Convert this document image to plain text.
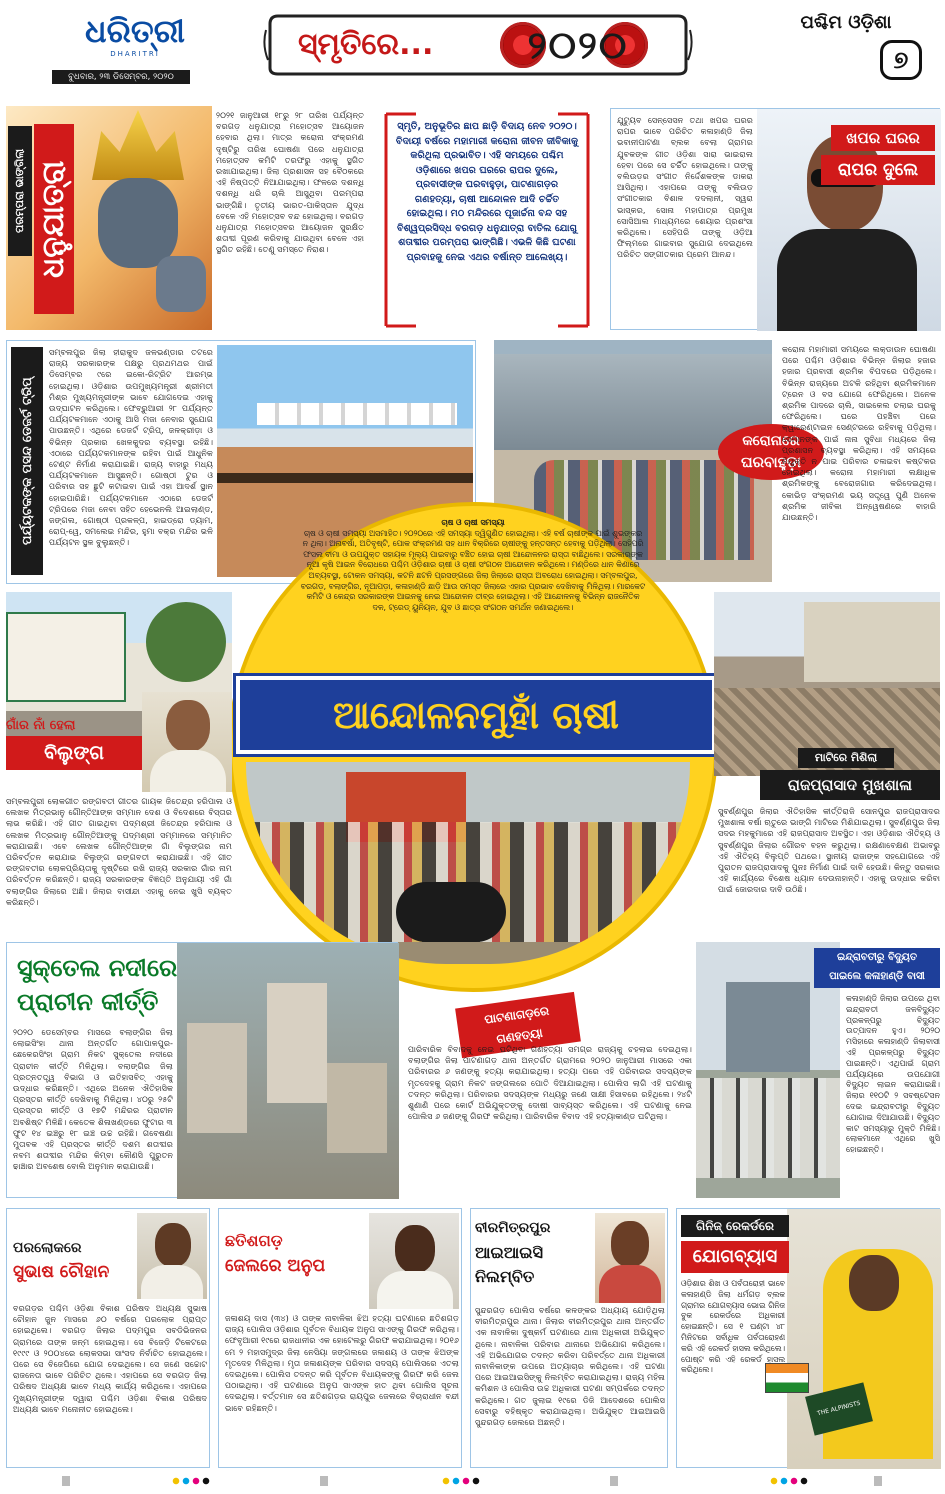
ଧରିତ୍ରୀ
DHARITRI
ବୁଧବାର, ୨୩ ଡିସେମ୍ବର, ୨୦୨୦
ସ୍ମୃତିରେ...	୨୦୨୦
ପଶ୍ଚିମ ଓଡ଼ିଶା
୭
ପରମ୍ପରା ଭାଙ୍ଗିଲା ଧନୁଯାତ୍ରା
୨୦୨୧ ଜାନୁଆରୀ ୧୮ରୁ ୨୮ ତାରିଖ ପର୍ଯ୍ୟନ୍ତ ବରଗଡ଼ ଧନୁଯାତ୍ରା ମହୋତ୍ସବ ଆୟୋଜନ ହେବାର ଥିଲା। ମାତ୍ର କରୋନା ସଂକ୍ରମଣ ଦୃଷ୍ଟିରୁ ତାରିଖ ଘୋଷଣା ପରେ ଧନୁଯାତ୍ରା ମହୋତ୍ସବ କମିଟି ତରଫରୁ ଏହାକୁ ସ୍ଥଗିତ ରଖାଯାଇଥିଲା। ଜିଲା ପ୍ରଶାସନ ସହ ବୈଠକରେ ଏହି ନିଷ୍ପତ୍ତି ନିଆଯାଇଥିଲା। ଫଳରେ ଦଶନ୍ଧି ଦଶନ୍ଧି ଧରି ଚାଲି ଆସୁଥିବା ପରମ୍ପରା ଭାଙ୍ଗିଛି। ତୃତୀୟ ଭାରତ-ପାକିସ୍ତାନ ଯୁଦ୍ଧ ବେଳେ ଏହି ମହୋତ୍ସବ ବନ୍ଦ ହୋଇଥିଲା। ବରଗଡ଼ ଧନୁଯାତ୍ରା ମହୋତ୍ସବର ଆୟୋଜନ ସୁରକ୍ଷିତ ଶତାବ୍ଦୀ ପୂରଣ କରିବାକୁ ଯାଉଥିବା ବେଳେ ଏହା ସ୍ଥଗିତ ରହିଛି। ତେଣୁ ସମସ୍ତେ ନିରାଶ।
ସ୍ମୃତି, ଅନୁଭୂତିର ଛାପ ଛାଡ଼ି ବିଦାୟ ନେବ ୨୦୨୦। ବିଦାୟୀ ବର୍ଷରେ ମହାମାରୀ କରୋନା ଜୀବନ ଜୀବିକାକୁ କରିଥିଲା ପ୍ରଭାବିତ। ଏହି ସମୟରେ ପଶ୍ଚିମ ଓଡ଼ିଶାରେ ଖପର ଘରରେ ରାପର ଦୁଲେ, ପ୍ରବାସୀଙ୍କ ଘରବାହୁଡ଼ା, ପାଟଣାଗଡ଼ର ଗଣହତ୍ୟା, ଚାଷୀ ଆନ୍ଦୋଳନ ଆଦି ଚର୍ଚ୍ଚିତ ହୋଇଥିଲା। ମଠ ମନ୍ଦିରରେ ପୂଜାର୍ଚ୍ଚନା ବନ୍ଦ ସହ ବିଶ୍ୱପ୍ରସିଦ୍ଧ ବରଗଡ଼ ଧନୁଯାତ୍ରା ବାତିଲ ଯୋଗୁ ଶତାବ୍ଦୀର ପରମ୍ପରା ଭାଙ୍ଗିଛି। ଏଭଳି କିଛି ଘଟଣା ପ୍ରବାହକୁ ନେଇ ଏଥର ବର୍ଷାନ୍ତ ଆଲେଖ୍ୟ।
ଯୁଟ୍ୟୁବ ସେନ୍ସେସନ ତଥା ଖପର ଘରର ରାପର ଭାବେ ପରିଚିତ କଳାହାଣ୍ଡି ଜିଲା ଭବାନୀପାଟଣା ବ୍ଲକ ବେଲା ଗ୍ରାମର ଯୁବକଙ୍କ ଗୀତ ଓଡ଼ିଶା ସାରା ଭାଇରାଲ ହେବା ପରେ ସେ ଚର୍ଚ୍ଚିତ ହୋଇଥିଲେ। ତାଙ୍କୁ ବଲିଉଡ଼ର ସଂଗୀତ ନିର୍ଦ୍ଦେଶକଙ୍କ ଡାକରା ଆସିଥିଲା। ଏହାପରେ ତାଙ୍କୁ ବଲିଉଡ଼ ସଂଗୀତକାର ବିଶାଳ ଦଦଲାନୀ, ସ୍ୱରା ଭାସ୍କର, ସୋନା ମହାପାତ୍ର ପ୍ରମୁଖ ସୋସିଆଲ ମାଧ୍ୟମରେ ଶେୟାର ପ୍ରଶଂସା କରିଥିଲେ। ସେହିପରି ତାଙ୍କୁ ଓଡ଼ିଆ ଫିଲ୍ମରେ ଗାଇବାର ସୁଯୋଗ ଦେଇଥିଲେ ପରିଚିତ ସଙ୍ଗୀତକାର ପ୍ରେମ ଆନନ୍ଦ।
ଖପର ଘରର
ରାପର ଦୁଲେ
ପର୍ଯ୍ୟଟକଙ୍କ ପସନ୍ଦ ଡେଜର୍ଟ ଟ୍ରିପ୍
ସମ୍ବଲପୁର ଜିଲା ହୀରାକୁଦ ଜଳଭଣ୍ଡାର ତଟରେ ରାଜ୍ୟ ସରକାରଙ୍କ ପକ୍ଷରୁ ପ୍ରଥମଥର ପାଇଁ ଡିସେମ୍ବର ୯ରେ ଇକୋ-ରିଟ୍ରିଟ ଆରମ୍ଭ ହୋଇଥିଲା। ଓଡ଼ିଶାର ଉପମୁଖ୍ୟମନ୍ତ୍ରୀ ଶ୍ରୀମତୀ ମିଶ୍ର ମୁଖ୍ୟମନ୍ତ୍ରୀଙ୍କ ଭାବେ ଯୋଗଦେଇ ଏହାକୁ ଉଦ୍‌ଘାଟନ କରିଥିଲେ। ଫେବ୍ରୁଆରୀ ୨୮ ପର୍ଯ୍ୟନ୍ତ ପର୍ଯ୍ୟଟକମାନେ ଏଠାକୁ ଆସି ମଜା ନେବାର ସୁଯୋଗ ପାଉଛନ୍ତି। ଏଥିରେ ଡେଜର୍ଟ ଟ୍ରିପ୍, ଜଳକ୍ରୀଡ଼ା ଓ ବିଭିନ୍ନ ପ୍ରକାର ଖେଳକୁଦର ବ୍ୟବସ୍ଥା ରହିଛି। ଏଠାରେ ପର୍ଯ୍ୟଟକମାନଙ୍କ ରହିବା ପାଇଁ ଆଧୁନିକ ଟେଣ୍ଟ ନିର୍ମାଣ କରାଯାଇଛି। ରାଜ୍ୟ ବାହାରୁ ମଧ୍ୟ ପର୍ଯ୍ୟଟକମାନେ ଆସୁଛନ୍ତି। ଗୋଷ୍ଠୀ ଟୁର ଓ ପରିବାର ସହ ଛୁଟି କଟାଇବା ପାଇଁ ଏହା ଆଦର୍ଶ ସ୍ଥାନ ହୋଇପାରିଛି। ପର୍ଯ୍ୟଟକମାନେ ଏଠାରେ ଡେଜର୍ଟ ଟ୍ରିପରେ ମଜା ନେବା ସହିତ ହେଭେନଲି ଆଇଲାଣ୍ଡ, ଜଙ୍ଗଲ, ଗୋଷ୍ଠୀ ପ୍ରକଳ୍ପ, ହାଇଡ୍ରୋ ଡ୍ୟାମ, ରୋପ୍-ୱେ, ସମଲେଇ ମନ୍ଦିର, ହୁମା ବକ୍ର ମନ୍ଦିର ଭଳି ପର୍ଯ୍ୟଟନ ସ୍ଥଳ ବୁଲୁଛନ୍ତି।
କରୋନାରେ
ଘରବାହୁଡ଼ା
କରୋନା ମହାମାରୀ ସମୟରେ ଲକ୍‌ଡାଉନ ଘୋଷଣା ପରେ ପଶ୍ଚିମ ଓଡ଼ିଶାର ବିଭିନ୍ନ ଜିଲାର ହଜାର ହଜାର ପ୍ରବାସୀ ଶ୍ରମିକ ବିପଦରେ ପଡ଼ିଥିଲେ। ବିଭିନ୍ନ ରାଜ୍ୟରେ ଅଟକି ରହିଥିବା ଶ୍ରମିକମାନେ ଟ୍ରେନ ଓ ବସ ଯୋଗେ ଫେରିଥିଲେ। ଅନେକ ଶ୍ରମିକ ପାଦରେ ଚାଲି, ସାଇକେଲ ଚଲାଇ ଘରକୁ ଫେରିଥିଲେ। ଘରେ ପହଞ୍ଚିବା ପରେ କ୍ୱାରେଣ୍ଟାଇନ ସେଣ୍ଟରରେ ରହିବାକୁ ପଡ଼ିଥିଲା। ସେମାନଙ୍କ ପାଇଁ ନାନା ସୁବିଧା ମଧ୍ୟରେ ଜିଲା ପ୍ରଶାସନ ବ୍ୟବସ୍ଥା କରିଥିଲା। ଏହି ସମୟରେ ନିଯୁକ୍ତି ନ ପାଇ ପରିବାର ଚଳାଇବା କଷ୍ଟକର ହୋଇଥିଲା। କରୋନା ମହାମାରୀ ଲକ୍ଷାଧିକ ଶ୍ରମିକଙ୍କୁ ବେରୋଜଗାର କରିଦେଇଥିଲା। କୋଭିଡ଼ ସଂକ୍ରମଣ ଭୟ ସତ୍ତ୍ୱେ ପୁଣି ଅନେକ ଶ୍ରମିକ ଜୀବିକା ଅନ୍ୱେଷଣରେ ବାହାରି ଯାଉଛନ୍ତି।
ଚାଷ ଓ ଚାଷୀ ସମସ୍ୟା
ଚାଷ ଓ ଚାଷୀ ସମସ୍ୟା ଅସମାହିତ। ୨୦୨୦ରେ ଏହି ସମସ୍ୟା ଦ୍ୱିଗୁଣିତ ହୋଇଥିଲା। ଏହି ବର୍ଷ ଚାଷୀଙ୍କ ପାଇଁ ଶୁଭଙ୍କର ନ ଥିଲା। ଅନାବର୍ଷା, ଅତିବୃଷ୍ଟି, ପୋକ ସଂକ୍ରମଣ ସହ ଧାନ ବିକ୍ରିରେ ଚାଷୀଙ୍କୁ ହନ୍ତସନ୍ତ ହେବାକୁ ପଡ଼ିଥିଲା। ସେହିପରି ଫସଲ ବୀମା ଓ ଉପଯୁକ୍ତ ସହାୟକ ମୂଲ୍ୟ ପାଇବାରୁ ବଞ୍ଚିତ ହୋଇ ଚାଷୀ ଆନ୍ଦୋଳନର ରାସ୍ତା ବାଛିଥିଲେ। ସରକାରଙ୍କ ନୂଆ କୃଷି ଆଇନ ବିରୋଧରେ ପଶ୍ଚିମ ଓଡ଼ିଶାର ଚାଷୀ ଓ ଚାଷୀ ସଂଗଠନ ଆନ୍ଦୋଳନ କରିଥିଲେ। ମଣ୍ଡିରେ ଧାନ କିଣାରେ ଅବ୍ୟବସ୍ଥା, ଟୋକନ ସମସ୍ୟା, କଟନି ଛଟନି ପ୍ରସଙ୍ଗରେ ଜିଲା ଜିଲାରେ ରାସ୍ତା ଅବରୋଧ ହୋଇଥିଲା। ସମ୍ବଲପୁର, ବରଗଡ଼, ବଲାଙ୍ଗିର, ନୂଆପଡ଼ା, କଳାହାଣ୍ଡି ଛାଡ଼ି ଆଉ ସମସ୍ତ ଜିଲାରେ ଏହାର ପ୍ରଭାବ ଦେଖିବାକୁ ମିଳିଥିଲା। ମାରକେଟ କମିଟି ଓ କେନ୍ଦ୍ର ସରକାରଙ୍କ ଆଇନକୁ ନେଇ ଆନ୍ଦୋଳନ ତୀବ୍ର ହୋଇଥିଲା। ଏହି ଆନ୍ଦୋଳନକୁ ବିଭିନ୍ନ ରାଜନୈତିକ ଦଳ, ଟ୍ରେଡ୍ ୟୁନିୟନ, ଯୁବ ଓ ଛାତ୍ର ସଂଗଠନ ସମର୍ଥନ ଜଣାଇଥିଲେ।
ଆନ୍ଦୋଳନମୁହାଁ ଚାଷୀ
ଗାଁର ନାଁ ହେଲା
ବିଲୁଙ୍ଗ ରଙ୍ଗବତୀ
ସମ୍ବଲପୁରୀ ଲୋକଗୀତ ରଙ୍ଗବତୀ ଗୀତର ଗାୟକ ଜିତେନ୍ଦ୍ର ହରିପାଲ ଓ ଲେଖକ ମିତ୍ରଭାନୁ ଗୌନ୍ତିଆଙ୍କ ସମ୍ମାନ ଦେଶ ଓ ବିଦେଶରେ ବିସ୍ତାର ଲାଭ କରିଛି। ଏହି ଗୀତ ଗାଇଥିବା ପଦ୍ମଶ୍ରୀ ଜିତେନ୍ଦ୍ର ହରିପାଲ ଓ ଲେଖକ ମିତ୍ରଭାନୁ ଗୌନ୍ତିଆଙ୍କୁ ପଦ୍ମଶ୍ରୀ ସମ୍ମାନରେ ସମ୍ମାନିତ କରାଯାଇଛି। ଏବେ ଲେଖକ ଗୌନ୍ତିଆଙ୍କ ଗାଁ ବିଲୁଙ୍ଗର ନାମ ପରିବର୍ତ୍ତନ କରାଯାଇ ବିଲୁଙ୍ଗ ରଙ୍ଗବତୀ କରାଯାଇଛି। ଏହି ଗୀତ ରଙ୍ଗବତୀର ଲୋକପ୍ରିୟତାକୁ ଦୃଷ୍ଟିରେ ରଖି ରାଜ୍ୟ ସରକାର ଗାଁର ନାମ ପରିବର୍ତ୍ତନ କରିଛନ୍ତି। ରାଜ୍ୟ ସରକାରଙ୍କ ବିଜ୍ଞପ୍ତି ଅନୁଯାୟୀ ଏହି ଗାଁ ବଲାଙ୍ଗିର ଜିଲାରେ ଅଛି। ଜିଲାର ବାସୀନ୍ଦା ଏହାକୁ ନେଇ ଖୁସି ବ୍ୟକ୍ତ କରିଛନ୍ତି।
ମାଟିରେ ମିଶିଲା
ରାଜପ୍ରାସାଦ ମୁଖଶାଳା
ସୁବର୍ଣ୍ଣପୁର ଜିଲାର ଐତିହାସିକ କୀର୍ତ୍ତିରାଜି ସୋନପୁର ରାଜପ୍ରାସାଦର ମୁଖଶାଳା ବର୍ଷା ଋତୁରେ ଭାଙ୍ଗି ମାଟିରେ ମିଶିଯାଇଥିଲା। ସୁବର୍ଣ୍ଣପୁର ଜିଲା ସଦର ମହକୁମାରେ ଏହି ରାଜପ୍ରାସାଦ ଅବସ୍ଥିତ। ଏହା ଓଡ଼ିଶାର ଐତିହ୍ୟ ଓ ସୁବର୍ଣ୍ଣପୁର ଜିଲାର ଗୌରବ ବହନ କରୁଥିଲା। ରକ୍ଷଣାବେକ୍ଷଣ ଅଭାବରୁ ଏହି ଐତିହ୍ୟ ବିଲୁପ୍ତି ପଥରେ। ସ୍ଥାନୀୟ ରାଜାଙ୍କ ସହଯୋଗରେ ଏହି ପୁରାତନ ରାଜପ୍ରାସାଦକୁ ପୁନଃ ନିର୍ମାଣ ପାଇଁ ଦାବି ହେଉଛି। କିନ୍ତୁ ସରକାର ଏହି କାର୍ଯ୍ୟରେ ବିଶେଷ ଧ୍ୟାନ ଦେଉନାହାନ୍ତି। ଏହାକୁ ଉଦ୍ଧାର କରିବା ପାଇଁ ଜୋରଦାର ଦାବି ଉଠିଛି।
ସୁକ୍ତେଲ ନଦୀରେ
ପ୍ରାଚୀନ କୀର୍ତ୍ତି
୨୦୨୦ ଡେସେମ୍ବର ମାସରେ ବଲାଙ୍ଗିର ଜିଲା ଲୋଇସିଂହା ଥାନା ଅନ୍ତର୍ଗତ ଗୋପାଳପୁର-ଛେକେରସିଂହା ଗ୍ରାମ ନିକଟ ସୁକ୍ତେଲ ନଦୀରେ ପ୍ରାଚୀନ କୀର୍ତ୍ତି ମିଳିଥିଲା। ବଲାଙ୍ଗିର ଜିଲା ପ୍ରତ୍ନତତ୍ତ୍ୱ ବିଭାଗ ଓ ଇତିହାସବିତ୍ ଏହାକୁ ଉଦ୍ଧାର କରିଛନ୍ତି। ଏଥିରେ ଅନେକ ଐତିହାସିକ ପ୍ରସ୍ତର କୀର୍ତ୍ତି ଦେଖିବାକୁ ମିଳିଥିଲା। ୪୦ରୁ ୨୫ଟି ପ୍ରସ୍ତର କୀର୍ତ୍ତି ଓ ୧୭ଟି ମନ୍ଦିରର ପ୍ରାଚୀନ ଅବଶିଷ୍ଟ ମିଳିଛି। କେତେକ ଶିଳାଖଣ୍ଡରେ ଫୁଟାର ୩ ଫୁଟ ୧୪ ଇଞ୍ଚରୁ ୧୮ ଇଞ୍ଚ ଉଚ୍ଚ ରହିଛି। ଗବେଷଣା ମୁତାବକ ଏହି ପ୍ରସ୍ତର କୀର୍ତ୍ତି ଦଶମ ଶତାବ୍ଦୀର ନବମ ଶତାବ୍ଦୀର ମନ୍ଦିର କିମ୍ବା କୌଣସି ପୁରୁତନ ଢାଞ୍ଚାର ଅବଶେଷ ବୋଲି ଅନୁମାନ କରାଯାଉଛି।
ପାଟଣାଗଡ଼ରେ
ଗଣହତ୍ୟା
ପାରିବାରିକ ବିବାଦକୁ ନେଇ ଘଟିଥିବା ଗଣହତ୍ୟା ସମଗ୍ର ରାଜ୍ୟକୁ ଚହଲାଇ ଦେଇଥିଲା। ବଲାଙ୍ଗିର ଜିଲା ପାଟଣାଗଡ଼ ଥାନା ଅନ୍ତର୍ଗତ ଗ୍ରାମରେ ୨୦୨୦ ଜାନୁଆରୀ ମାସରେ ଏକା ପରିବାରର ୬ ଜଣଙ୍କୁ ହତ୍ୟା କରାଯାଇଥିଲା। ହତ୍ୟା ପରେ ଏହି ପରିବାରର ସଦସ୍ୟଙ୍କ ମୃତଦେହକୁ ଗ୍ରାମ ନିକଟ ଜଙ୍ଗଲରେ ପୋତି ଦିଆଯାଇଥିଲା। ପୋଲିସ ଲାଗି ଏହି ଘଟଣାକୁ ତଦନ୍ତ କରିଥିଲା। ପରିବାରର ସଦସ୍ୟଙ୍କ ମଧ୍ୟରୁ ଜଣେ ସାକ୍ଷୀ ହିସାବରେ ରହିଥିଲେ। ୨୪ଟି ଶୁଣାଣି ପରେ କୋର୍ଟ ଅଭିଯୁକ୍ତଙ୍କୁ ଦୋଷୀ ସାବ୍ୟସ୍ତ କରିଥିଲେ। ଏହି ଘଟଣାକୁ ନେଇ ପୋଲିସ ୬ ଜଣଙ୍କୁ ଗିରଫ କରିଥିଲା। ପାରିବାରିକ ବିବାଦ ଏହି ହତ୍ୟାକାଣ୍ଡ ଘଟିଥିଲା।
ଇନ୍ଦ୍ରାବତୀରୁ ବିଦ୍ୟୁତ
ପାଇଲେ କଳାହାଣ୍ଡି ବାସୀ
କଳାହାଣ୍ଡି ଜିଲାର ଉପରେ ଥିବା ଇନ୍ଦ୍ରାବତୀ ଜଳବିଦ୍ୟୁତ ପ୍ରକଳ୍ପରୁ ବିଦ୍ୟୁତ ଉତ୍ପାଦନ ହୁଏ। ୨୦୨୦ ମସିହାରେ କଳାହାଣ୍ଡି ଜିଲାବାସୀ ଏହି ପ୍ରକଳ୍ପରୁ ବିଦ୍ୟୁତ ପାଇଛନ୍ତି। ଏଥିପାଇଁ ଗ୍ରାମ ପର୍ଯ୍ୟାୟରେ ଉପଯୋଗୀ ବିଦ୍ୟୁତ ଲାଇନ କରାଯାଇଛି। ଜିଲାର ୧୧୦ଟି ୨ ସବଷ୍ଟେସନ ଦେଇ ଇନ୍ଦ୍ରାବତୀରୁ ବିଦ୍ୟୁତ ଯୋଗାଇ ଦିଆଯାଉଛି। ବିଦ୍ୟୁତ କାଟ ସମସ୍ୟାରୁ ମୁକ୍ତି ମିଳିଛି। ଲୋକମାନେ ଏଥିରେ ଖୁସି ହୋଇଛନ୍ତି।
ପରଲୋକରେ
ସୁଭାଷ ଚୌହାନ
ବରଗଡ଼ର ପଶ୍ଚିମ ଓଡ଼ିଶା ବିକାଶ ପରିଷଦ ଅଧ୍ୟକ୍ଷ ସୁଭାଷ ଚୌହାନ ଜୁନ ମାସରେ ୬୦ ବର୍ଷରେ ପରଲୋକ ପ୍ରାପ୍ତ ହୋଇଥିଲେ। ବରଗଡ଼ ଜିଲାର ପଦ୍ମପୁର ସବଡିଭିଜନର ଗ୍ରାମରେ ତାଙ୍କ ଜନ୍ମ ହୋଇଥିଲା। ସେ ବିଜେଡ଼ି ଟିକେଟରେ ୧୯୯୯ ଓ ୨୦୦୪ରେ ଲୋକସଭା ସାଂସଦ ନିର୍ବାଚିତ ହୋଇଥିଲେ। ପରେ ସେ ବିଜେପିରେ ଯୋଗ ଦେଇଥିଲେ। ସେ ଜଣେ ସଚ୍ଚୋଟ ରାଜନେତା ଭାବେ ପରିଚିତ ଥିଲେ। ଏହାପରେ ସେ ବରଗଡ଼ ଜିଲା ପରିଷଦ ଅଧ୍ୟକ୍ଷ ଭାବେ ମଧ୍ୟ କାର୍ଯ୍ୟ କରିଥିଲେ। ଏହାପରେ ମୁଖ୍ୟମନ୍ତ୍ରୀଙ୍କ ଦ୍ୱାରା ପଶ୍ଚିମ ଓଡ଼ିଶା ବିକାଶ ପରିଷଦ ଅଧ୍ୟକ୍ଷ ଭାବେ ମନୋନୀତ ହୋଇଥିଲେ।
ଛତିଶଗଡ଼
ଜେଲରେ ଅନୁପ
ଜଳାଶୟ ଦାସ (୩୪) ଓ ତାଙ୍କ ନାବାଳିକା ଝିଅ ହତ୍ୟା ଘଟଣାରେ ଛତିଶଗଡ଼ ରାଜ୍ୟ ପୋଲିସ ଓଡ଼ିଶାର ପୂର୍ବତନ ବିଧାୟକ ଅନୁପ ସାଏଙ୍କୁ ଗିରଫ କରିଥିଲା। ଫେବୃଆରୀ ୧୯ରେ ରାଜଧାନୀର ଏକ ହୋଟେଲରୁ ଗିରଫ କରାଯାଇଥିଲା। ୨୦୧୬ ମେ ୨ ମହାସମୁଦ୍ର ଜିଲା ନେସିୟା ଜଙ୍ଗଲରେ ଜଳାଶୟ ଓ ତାଙ୍କ ଝିଅଙ୍କ ମୃତଦେହ ମିଳିଥିଲା। ମୃତା ଜଳାଶୟଙ୍କ ପରିବାର ସଦସ୍ୟ ପୋଲିସରେ ଏତଲା ଦେଇଥିଲେ। ପୋଲିସ ତଦନ୍ତ କରି ପୂର୍ବତନ ବିଧାୟକଙ୍କୁ ଗିରଫ କରି ଜେଲ ପଠାଇଥିଲା। ଏହି ଘଟଣାରେ ଅନୁପ ସାଏଙ୍କ ହାତ ଥିବା ପୋଲିସ ସୂଚନା ଦେଇଥିଲା। ବର୍ତ୍ତମାନ ସେ ଛତିଶଗଡ଼ର ରାୟପୁର ଜେଲରେ ବିଚାରାଧୀନ ବନ୍ଦୀ ଭାବେ ରହିଛନ୍ତି।
ବୀରମିତ୍ରପୁର
ଆଇଆଇସି
ନିଲମ୍ବିତ
ସୁନ୍ଦରଗଡ଼ ପୋଲିସ ବର୍ଷରେ କଳଙ୍କର ଅଧ୍ୟାୟ ଯୋଡ଼ିଥିଲା ବୀରମିତ୍ରପୁର ଥାନା। ଜିଲାର ବୀରମିତ୍ରପୁର ଥାନା ଅନ୍ତର୍ଗତ ଏକ ନାବାଳିକା ଦୁଷ୍କର୍ମ ଘଟଣାରେ ଥାନା ଅଧିକାରୀ ଅଭିଯୁକ୍ତ ଥିଲେ। ନାବାଳିକା ପରିବାର ଥାନାରେ ଅଭିଯୋଗ କରିଥିଲେ। ଏହି ଅଭିଯୋଗର ତଦନ୍ତ କରିବା ପରିବର୍ତ୍ତେ ଥାନା ଅଧିକାରୀ ନାବାଳିକାଙ୍କ ଉପରେ ଅତ୍ୟାଚାର କରିଥିଲେ। ଏହି ଘଟଣା ପରେ ଆଇଆଇସିଙ୍କୁ ନିଲମ୍ବିତ କରାଯାଇଥିଲା। ରାଜ୍ୟ ମହିଳା କମିଶନ ଓ ପୋଲିସ ଉଚ୍ଚ ଅଧିକାରୀ ଘଟଣା ସମ୍ପର୍କରେ ତଦନ୍ତ କରିଥିଲେ। ଗତ ଜୁଲାଇ ୧୯ରେ ଡିଜି ଆଦେଶରେ ପୋଲିସ ସେବାରୁ ବହିଷ୍କୃତ କରାଯାଇଥିଲା। ଅଭିଯୁକ୍ତ ଆଇଆଇସି ସୁନ୍ଦରଗଡ଼ ଜେଲରେ ଅଛନ୍ତି।
THE ALPINISTS
ଗିନିଜ୍ ରେକର୍ଡରେ
ଯୋଗବ୍ୟାସ
ଓଡ଼ିଶାର ଶିଖ ଓ ପର୍ବତାରୋହୀ ଭାବେ କଳାହାଣ୍ଡି ଜିଲା ଧର୍ମଗଡ଼ ବ୍ଲକ ଗ୍ରାମର ଯୋଗବ୍ୟାସ ଭୋଇ ଗିନିଜ ବୁକ ରେକର୍ଡରେ ଅଧିକାରୀ ହୋଇଛନ୍ତି। ସେ ୧ ଘଣ୍ଟା ୪୮ ମିନିଟରେ ସର୍ବାଧିକ ପର୍ବତାରୋହଣ କରି ଏହି ରେକର୍ଡ ହାସଲ କରିଥିଲେ। ପୋଷ୍ଟ କରି ଏହି ରେକର୍ଡ ହାସଲ କରିଥିଲେ।
